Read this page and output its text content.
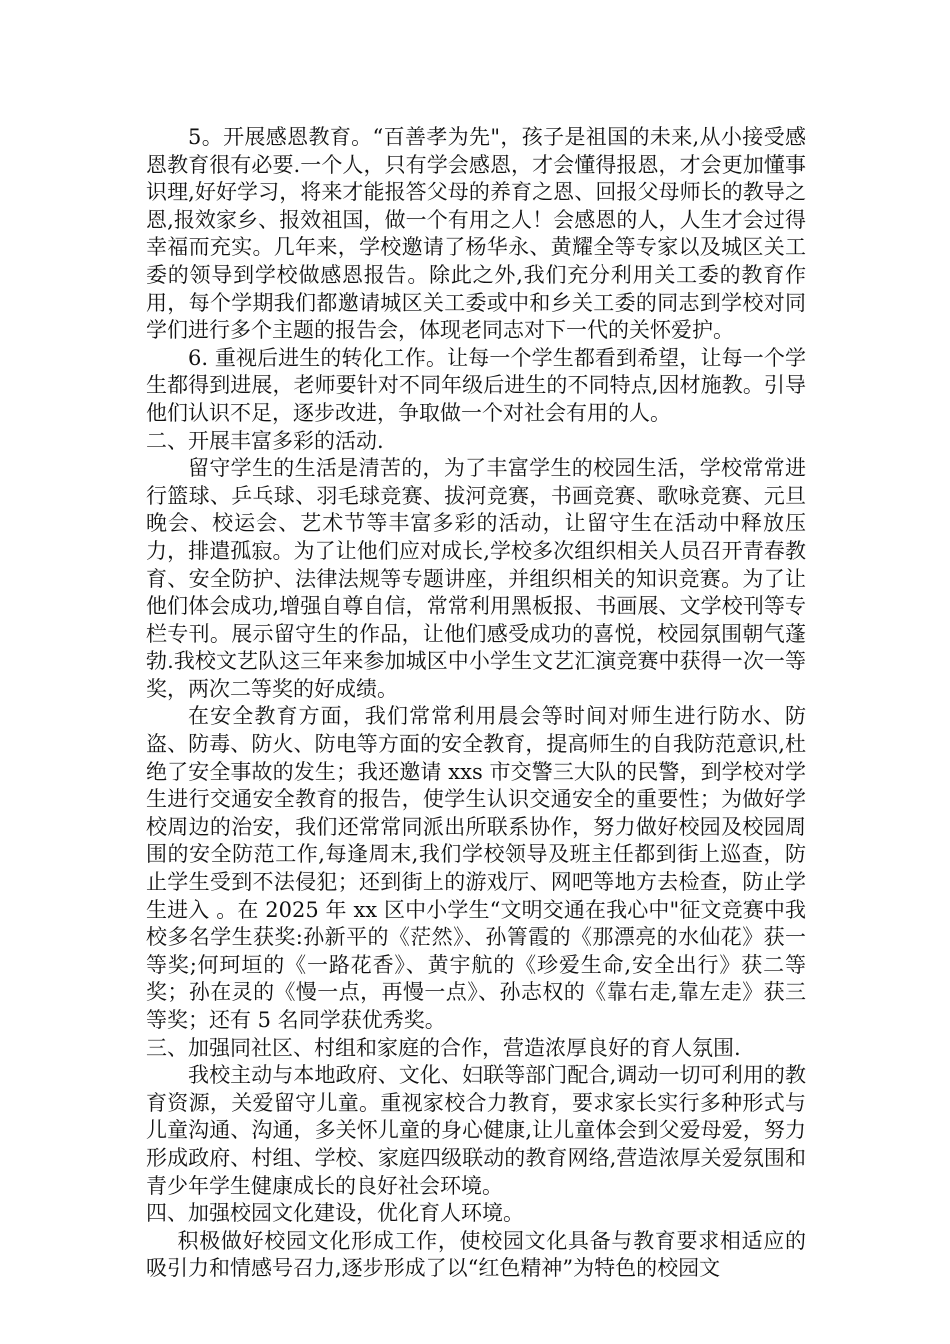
5。开展感恩教育。“百善孝为先"，孩子是祖国的未来,从小接受感恩教育很有必要.一个人，只有学会感恩，才会懂得报恩，才会更加懂事识理,好好学习，将来才能报答父母的养育之恩、回报父母师长的教导之恩,报效家乡、报效祖国，做一个有用之人！会感恩的人，人生才会过得幸福而充实。几年来，学校邀请了杨华永、黄耀全等专家以及城区关工委的领导到学校做感恩报告。除此之外,我们充分利用关工委的教育作用，每个学期我们都邀请城区关工委或中和乡关工委的同志到学校对同学们进行多个主题的报告会，体现老同志对下一代的关怀爱护。

6. 重视后进生的转化工作。让每一个学生都看到希望，让每一个学生都得到进展，老师要针对不同年级后进生的不同特点,因材施教。引导他们认识不足，逐步改进，争取做一个对社会有用的人。

二、开展丰富多彩的活动.

留守学生的生活是清苦的，为了丰富学生的校园生活，学校常常进行篮球、乒乓球、羽毛球竞赛、拔河竞赛，书画竞赛、歌咏竞赛、元旦晚会、校运会、艺术节等丰富多彩的活动，让留守生在活动中释放压力，排遣孤寂。为了让他们应对成长,学校多次组织相关人员召开青春教育、安全防护、法律法规等专题讲座，并组织相关的知识竞赛。为了让他们体会成功,增强自尊自信，常常利用黑板报、书画展、文学校刊等专栏专刊。展示留守生的作品，让他们感受成功的喜悦，校园氛围朝气蓬勃.我校文艺队这三年来参加城区中小学生文艺汇演竞赛中获得一次一等奖，两次二等奖的好成绩。

在安全教育方面，我们常常利用晨会等时间对师生进行防水、防盗、防毒、防火、防电等方面的安全教育，提高师生的自我防范意识,杜绝了安全事故的发生；我还邀请 xxs 市交警三大队的民警，到学校对学生进行交通安全教育的报告，使学生认识交通安全的重要性；为做好学校周边的治安，我们还常常同派出所联系协作，努力做好校园及校园周围的安全防范工作,每逢周末,我们学校领导及班主任都到街上巡查，防止学生受到不法侵犯；还到街上的游戏厅、网吧等地方去检查，防止学生进入 。在 2025 年 xx 区中小学生“文明交通在我心中"征文竞赛中我校多名学生获奖:孙新平的《茫然》、孙箐霞的《那漂亮的水仙花》获一等奖;何珂垣的《一路花香》、黄宇航的《珍爱生命,安全出行》获二等奖；孙在灵的《慢一点，再慢一点》、孙志权的《靠右走,靠左走》获三等奖；还有 5 名同学获优秀奖。

三、加强同社区、村组和家庭的合作，营造浓厚良好的育人氛围.

我校主动与本地政府、文化、妇联等部门配合,调动一切可利用的教育资源，关爱留守儿童。重视家校合力教育，要求家长实行多种形式与儿童沟通、沟通，多关怀儿童的身心健康,让儿童体会到父爱母爱，努力形成政府、村组、学校、家庭四级联动的教育网络,营造浓厚关爱氛围和青少年学生健康成长的良好社会环境。

四、加强校园文化建设，优化育人环境。

积极做好校园文化形成工作，使校园文化具备与教育要求相适应的吸引力和情感号召力,逐步形成了以“红色精神”为特色的校园文
